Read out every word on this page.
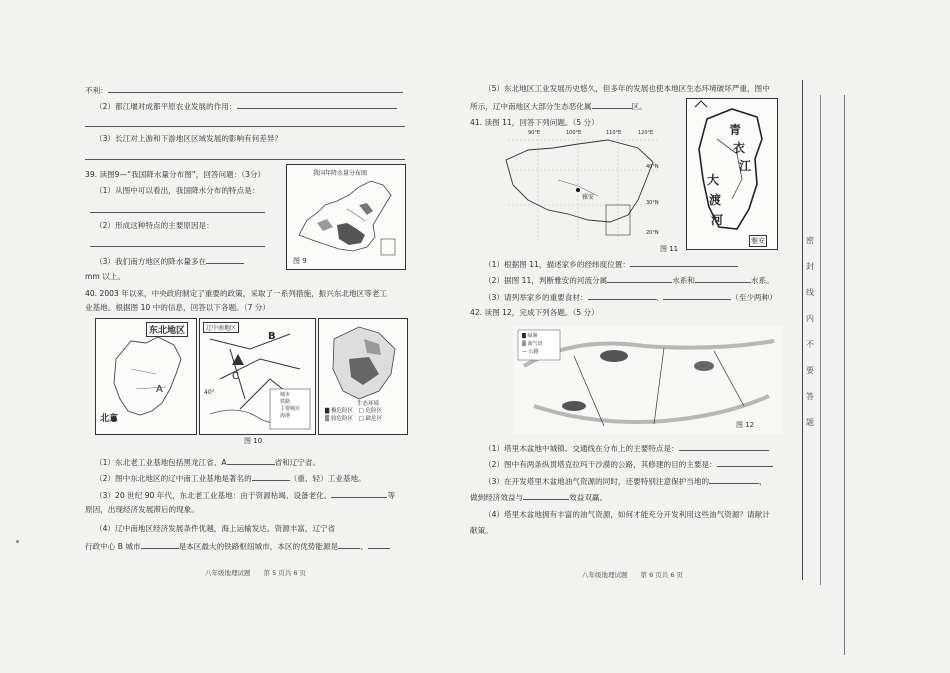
不利：
（2）都江堰对成都平原农业发展的作用：
（3）长江对上游和下游地区区域发展的影响有何差异？
39. 读图9—“我国降水量分布图”，回答问题：（3分）
（1）从图中可以看出，我国降水分布的特点是：
（2）形成这种特点的主要原因是：
（3）我们南方地区的降水量多在
mm 以上。
我国年降水量分布图
图 9
40. 2003 年以来，中央政府制定了重要的政策，采取了一系列措施，振兴东北地区等老工
业基地。根据图 10 中的信息，回答以下各题。（7 分）
东北地区
A
北京
辽中南地区
B
C
40°	城市
铁路
主要城市
海港
生态环境
▇ 极危险区　□ 危险区
▒ 较危险区　□ 缺危区
图 10
（1）东北老工业基地包括黑龙江省、A	省和辽宁省。
（2）图中东北地区的辽中南工业基地是著名的	（重、轻）工业基地。
（3）20 世纪 90 年代，东北老工业基地：由于资源枯竭、设备老化、	等
原因，出现经济发展滞后的现象。
（4）辽中南地区经济发展条件优越，海上运输发达，资源丰富，辽宁省
行政中心 B 城市	是本区最大的铁路枢纽城市，本区的优势能源是	、
八年级地理试题　　第 5 页共 6 页
（5）东北地区工业发展历史悠久，但多年的发展也使本地区生态环境破坏严重，图中
所示，辽中南地区大部分生态恶化属	区。
41. 读图 11，回答下列问题。（5 分）
雅安
90°E	100°E	110°E	120°E
40°N
30°N
20°N
青
衣
江
大
渡
河
雅安
图 11
（1）根据图 11，描述家乡的经纬度位置：
（2）据图 11，判断雅安的河流分属	水系和	水系。
（3）请列举家乡的重要食材：	、	（至少两种）
42. 读图 12，完成下列各题。（5 分）
▇ 绿洲
▒ 油气田
— 公路
图 12
（1）塔里木盆地中城镇、交通线在分布上的主要特点是：
（2）图中有两条纵贯塔克拉玛干沙漠的公路，其修建的目的主要是：
（3）在开发塔里木盆地油气资源的同时，还要特别注意保护当地的	，
做到经济效益与	效益双赢。
（4）塔里木盆地拥有丰富的油气资源，如何才能充分开发利用这些油气资源？请献计
献策。
八年级地理试题　　第 6 页共 6 页
密
封
线
内
不
要
答
题
